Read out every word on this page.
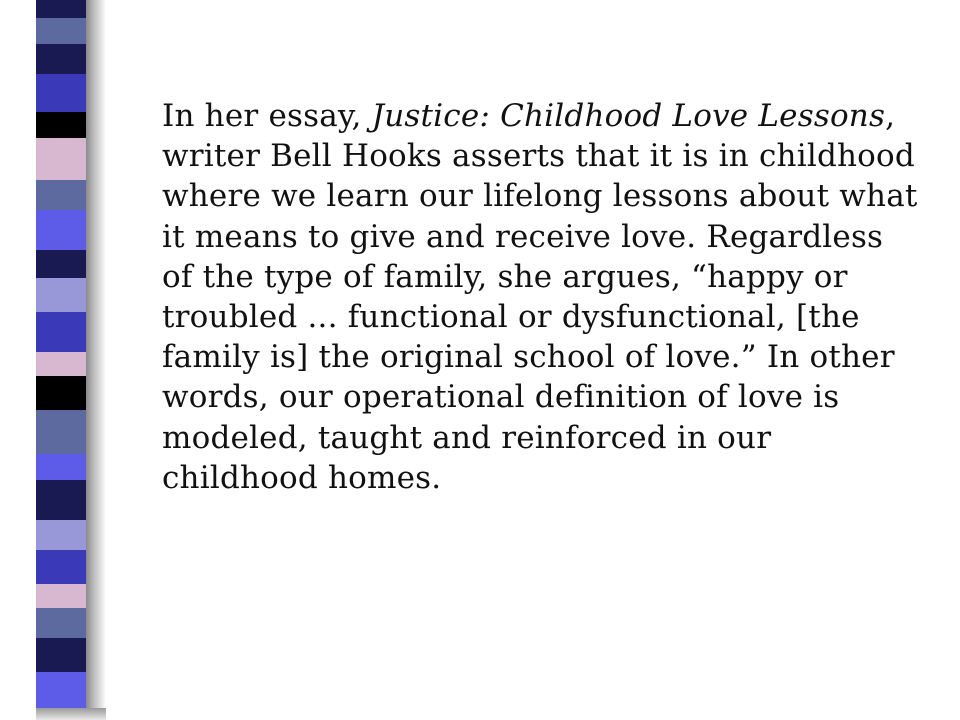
In her essay, Justice: Childhood Love Lessons, writer Bell Hooks asserts that it is in childhood where we learn our lifelong lessons about what it means to give and receive love. Regardless of the type of family, she argues, “happy or troubled ... functional or dysfunctional, [the family is] the original school of love.” In other words, our operational definition of love is modeled, taught and reinforced in our childhood homes.
